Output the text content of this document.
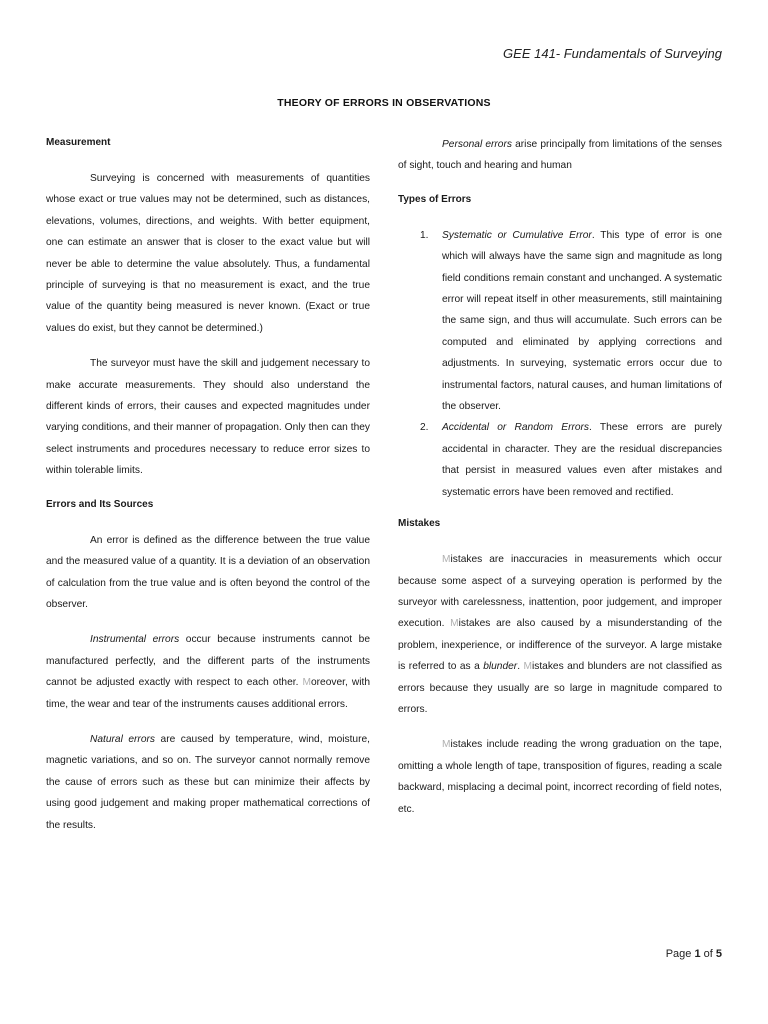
GEE 141- Fundamentals of Surveying
THEORY OF ERRORS IN OBSERVATIONS
Measurement

Surveying is concerned with measurements of quantities whose exact or true values may not be determined, such as distances, elevations, volumes, directions, and weights. With better equipment, one can estimate an answer that is closer to the exact value but will never be able to determine the value absolutely. Thus, a fundamental principle of surveying is that no measurement is exact, and the true value of the quantity being measured is never known. (Exact or true values do exist, but they cannot be determined.)

The surveyor must have the skill and judgement necessary to make accurate measurements. They should also understand the different kinds of errors, their causes and expected magnitudes under varying conditions, and their manner of propagation. Only then can they select instruments and procedures necessary to reduce error sizes to within tolerable limits.

Errors and Its Sources

An error is defined as the difference between the true value and the measured value of a quantity. It is a deviation of an observation of calculation from the true value and is often beyond the control of the observer.

Instrumental errors occur because instruments cannot be manufactured perfectly, and the different parts of the instruments cannot be adjusted exactly with respect to each other. Moreover, with time, the wear and tear of the instruments causes additional errors.

Natural errors are caused by temperature, wind, moisture, magnetic variations, and so on. The surveyor cannot normally remove the cause of errors such as these but can minimize their affects by using good judgement and making proper mathematical corrections of the results.

Personal errors arise principally from limitations of the senses of sight, touch and hearing and human

Types of Errors
1.	Systematic or Cumulative Error. This type of error is one which will always have the same sign and magnitude as long field conditions remain constant and unchanged. A systematic error will repeat itself in other measurements, still maintaining the same sign, and thus will accumulate. Such errors can be computed and eliminated by applying corrections and adjustments. In surveying, systematic errors occur due to instrumental factors, natural causes, and human limitations of the observer.
2.	Accidental or Random Errors. These errors are purely accidental in character. They are the residual discrepancies that persist in measured values even after mistakes and systematic errors have been removed and rectified.
Mistakes

Mistakes are inaccuracies in measurements which occur because some aspect of a surveying operation is performed by the surveyor with carelessness, inattention, poor judgement, and improper execution. Mistakes are also caused by a misunderstanding of the problem, inexperience, or indifference of the surveyor. A large mistake is referred to as a blunder. Mistakes and blunders are not classified as errors because they usually are so large in magnitude compared to errors.

Mistakes include reading the wrong graduation on the tape, omitting a whole length of tape, transposition of figures, reading a scale backward, misplacing a decimal point, incorrect recording of field notes, etc.

Page 1 of 5
